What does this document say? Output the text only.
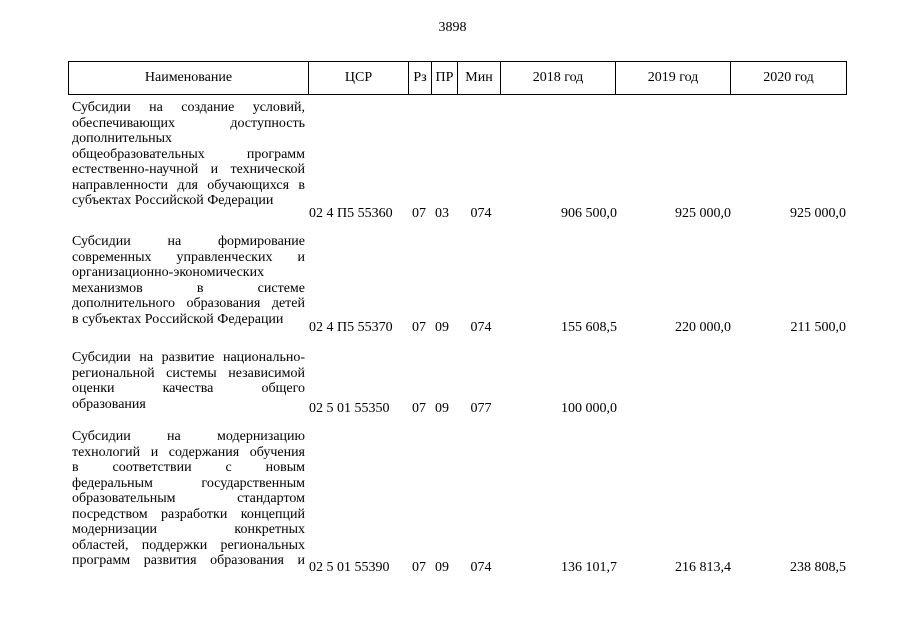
3898
Наименование	ЦСР	Рз ПР Мин	2018 год	2019 год	2020 год
Субсидии на создание условий,
обеспечивающих доступность
дополнительных
общеобразовательных программ
естественно-научной и технической
направленности для обучающихся в
субъектах Российской Федерации
02 4 П5 55360	07 03	074	906 500,0	925 000,0	925 000,0
Субсидии на формирование
современных управленческих и
организационно-экономических
механизмов в системе
дополнительного образования детей
в субъектах Российской Федерации
02 4 П5 55370	07 09	074	155 608,5	220 000,0	211 500,0
Субсидии на развитие национально-
региональной системы независимой
оценки качества общего
образования	02 5 01 55350	07 09	077	100 000,0
Субсидии на модернизацию
технологий и содержания обучения
в соответствии с новым
федеральным государственным
образовательным стандартом
посредством разработки концепций
модернизации конкретных
областей, поддержки региональных
программ развития образования и 02 5 01 55390	07 09	074	136 101,7	216 813,4	238 808,5
